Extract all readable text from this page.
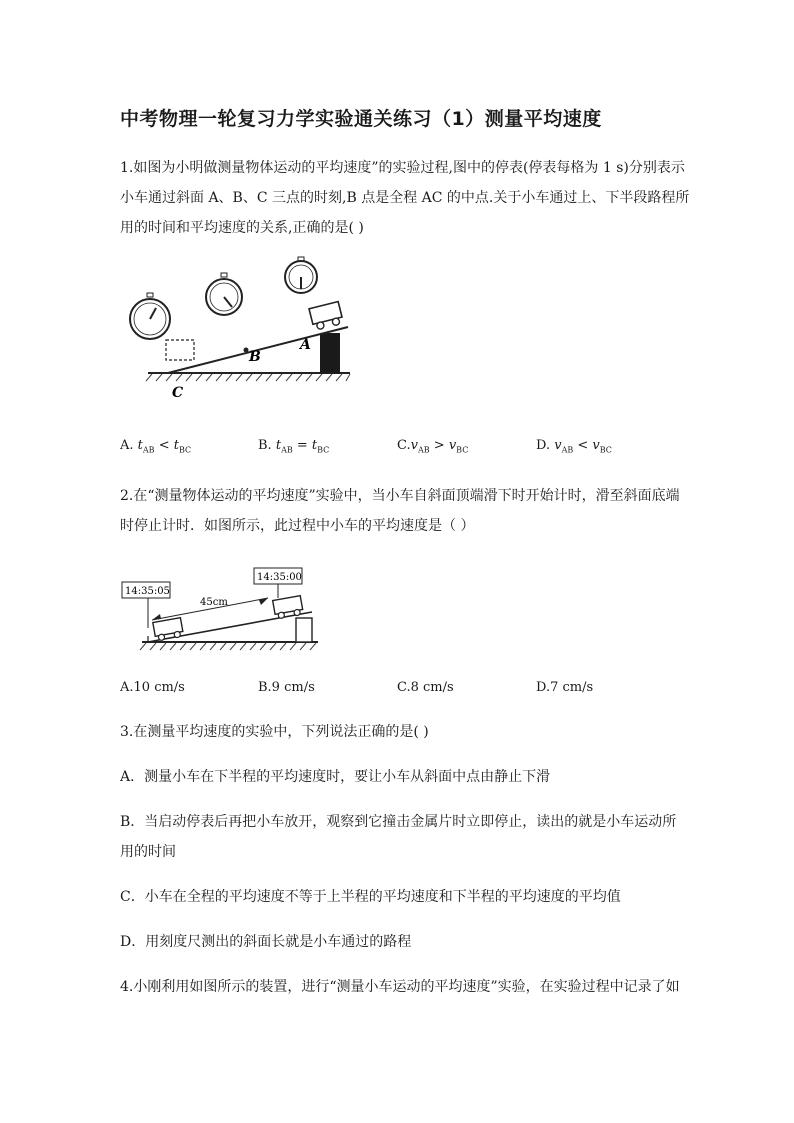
中考物理一轮复习力学实验通关练习（1）测量平均速度
1.如图为小明做测量物体运动的平均速度”的实验过程,图中的停表(停表每格为 1 s)分别表示
小车通过斜面 A、B、C 三点的时刻,B 点是全程 AC 的中点.关于小车通过上、下半段路程所
用的时间和平均速度的关系,正确的是( )
A
B
C
A. $t_{AB} < t_{BC}$	B. $t_{AB} = t_{BC}$	$C.v_{AB} > v_{BC}$	D. $v_{AB} < v_{BC}$
2.在“测量物体运动的平均速度”实验中，当小车自斜面顶端滑下时开始计时，滑至斜面底端
时停止计时．如图所示，此过程中小车的平均速度是（ ）
14:35:05
14:35:00
45cm
A.10 cm/s	B.9 cm/s	C.8 cm/s	D.7 cm/s
3.在测量平均速度的实验中，下列说法正确的是( )
A．测量小车在下半程的平均速度时，要让小车从斜面中点由静止下滑
B．当启动停表后再把小车放开，观察到它撞击金属片时立即停止，读出的就是小车运动所
用的时间
C．小车在全程的平均速度不等于上半程的平均速度和下半程的平均速度的平均值
D．用刻度尺测出的斜面长就是小车通过的路程
4.小刚利用如图所示的装置，进行“测量小车运动的平均速度”实验，在实验过程中记录了如
